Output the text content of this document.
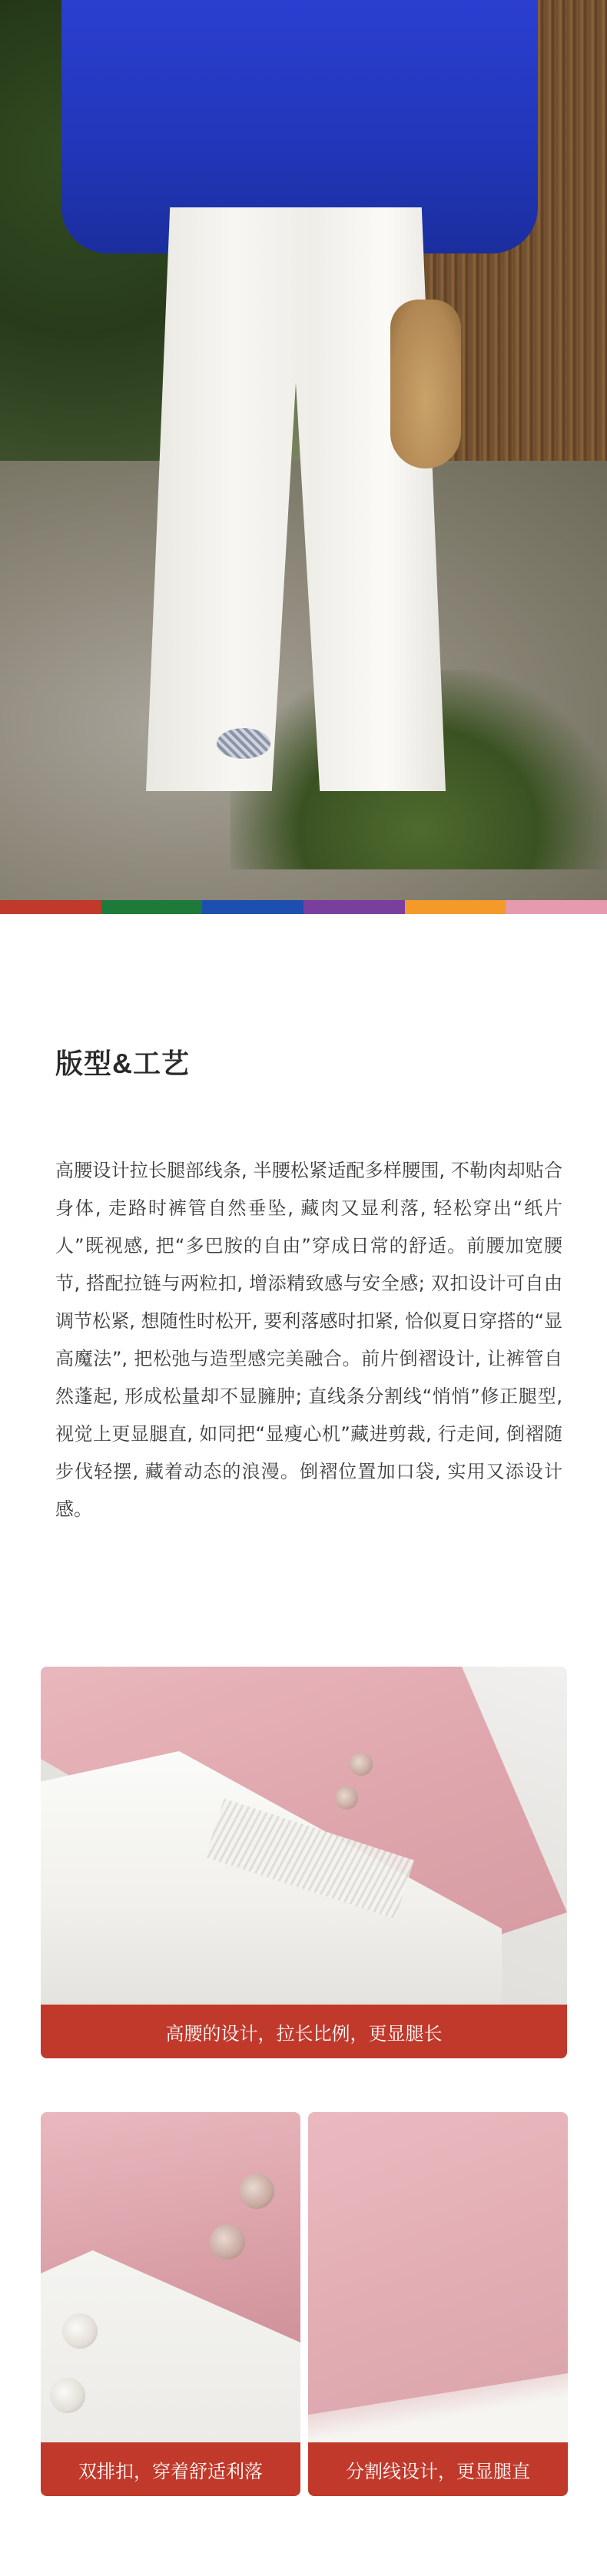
版型&工艺
高腰设计拉长腿部线条, 半腰松紧适配多样腰围, 不勒肉却贴合身体, 走路时裤管自然垂坠, 藏肉又显利落, 轻松穿出“纸片人”既视感, 把“多巴胺的自由”穿成日常的舒适。前腰加宽腰节, 搭配拉链与两粒扣, 增添精致感与安全感; 双扣设计可自由调节松紧, 想随性时松开, 要利落感时扣紧, 恰似夏日穿搭的“显高魔法”, 把松弛与造型感完美融合。前片倒褶设计, 让裤管自然蓬起, 形成松量却不显臃肿; 直线条分割线“悄悄”修正腿型, 视觉上更显腿直, 如同把“显瘦心机”藏进剪裁, 行走间, 倒褶随步伐轻摆, 藏着动态的浪漫。倒褶位置加口袋, 实用又添设计感。
高腰的设计，拉长比例，更显腿长
双排扣，穿着舒适利落	分割线设计，更显腿直
